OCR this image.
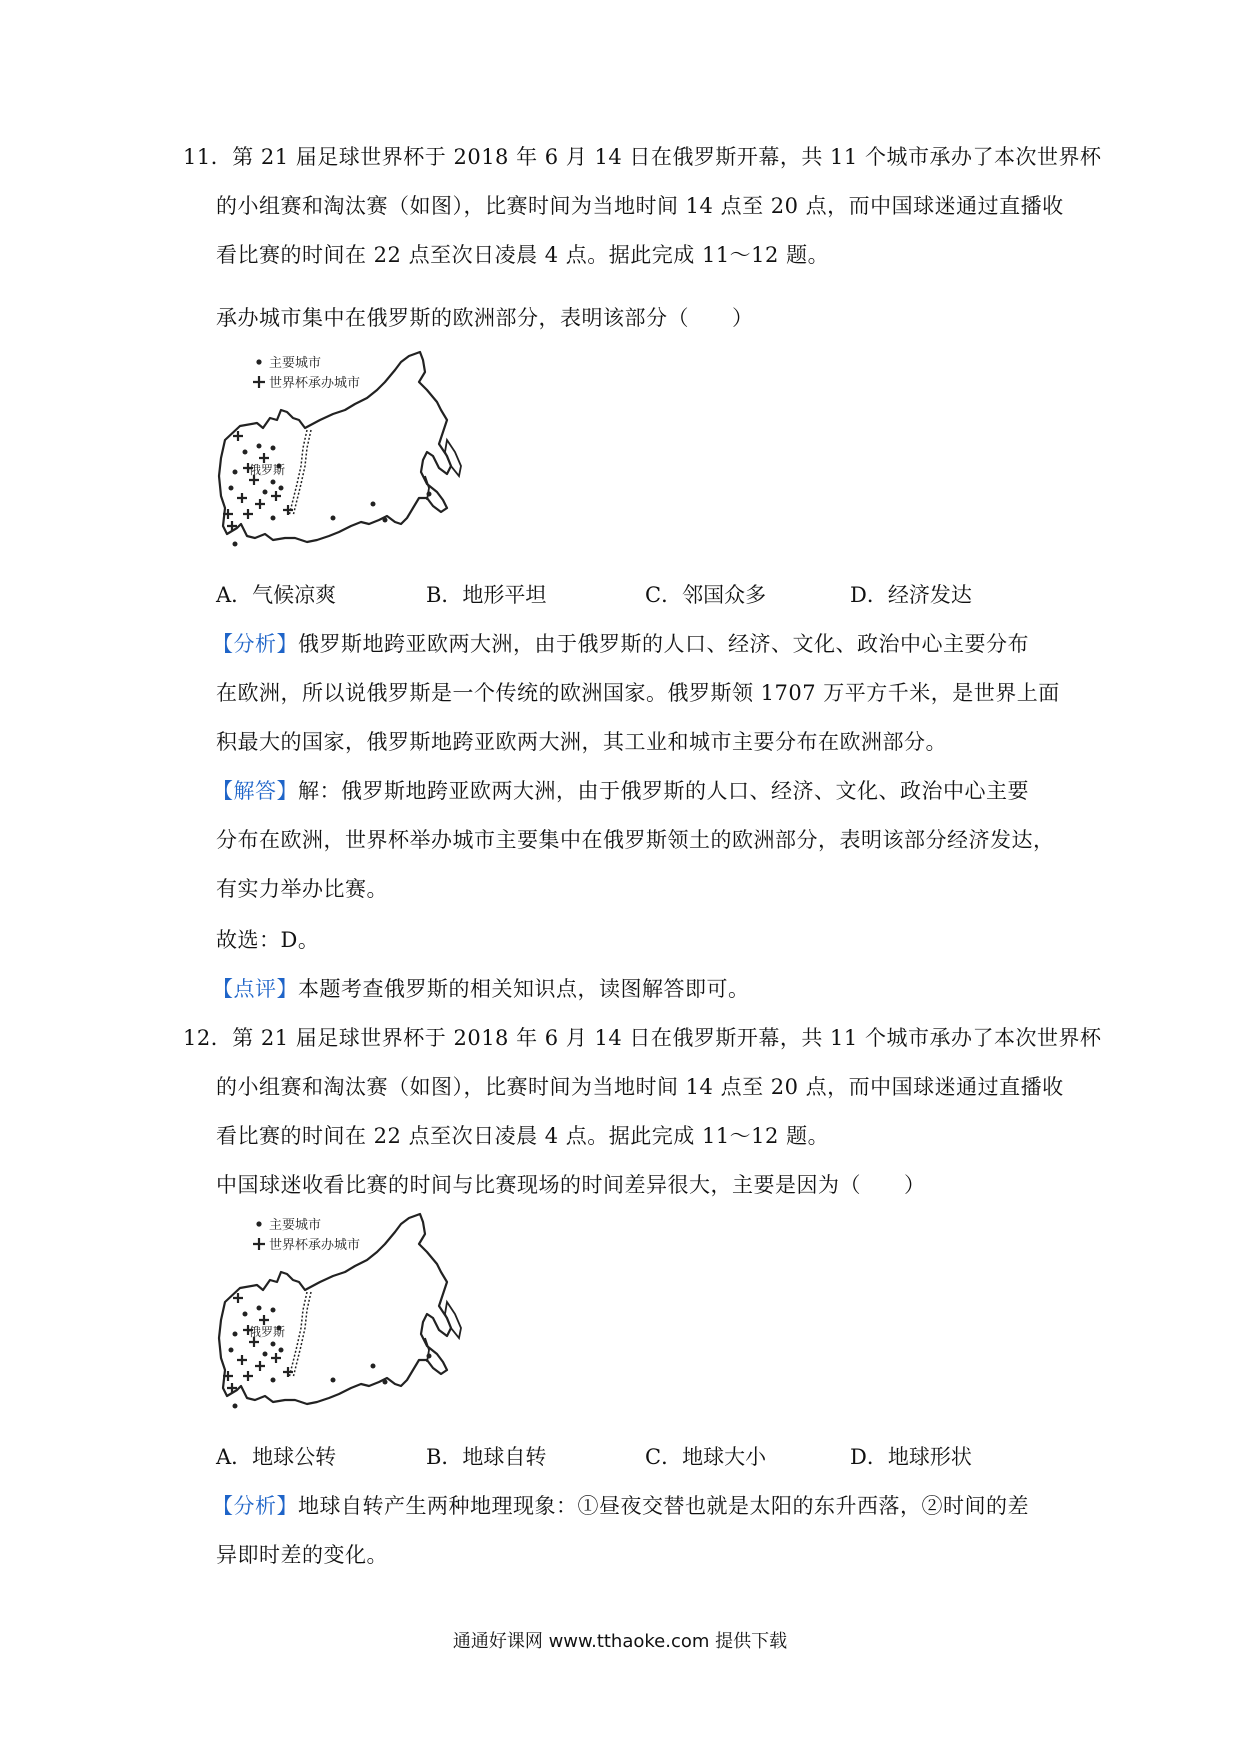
11．第 21 届足球世界杯于 2018 年 6 月 14 日在俄罗斯开幕，共 11 个城市承办了本次世界杯
的小组赛和淘汰赛（如图），比赛时间为当地时间 14 点至 20 点，而中国球迷通过直播收
看比赛的时间在 22 点至次日凌晨 4 点。据此完成 11～12 题。
承办城市集中在俄罗斯的欧洲部分，表明该部分（　　）
主要城市
世界杯承办城市
俄罗斯
A．气候凉爽	B．地形平坦	C．邻国众多	D．经济发达
【分析】俄罗斯地跨亚欧两大洲，由于俄罗斯的人口、经济、文化、政治中心主要分布
在欧洲，所以说俄罗斯是一个传统的欧洲国家。俄罗斯领 1707 万平方千米，是世界上面
积最大的国家，俄罗斯地跨亚欧两大洲，其工业和城市主要分布在欧洲部分。
【解答】解：俄罗斯地跨亚欧两大洲，由于俄罗斯的人口、经济、文化、政治中心主要
分布在欧洲，世界杯举办城市主要集中在俄罗斯领土的欧洲部分，表明该部分经济发达，
有实力举办比赛。
故选：D。
【点评】本题考查俄罗斯的相关知识点，读图解答即可。
12．第 21 届足球世界杯于 2018 年 6 月 14 日在俄罗斯开幕，共 11 个城市承办了本次世界杯
的小组赛和淘汰赛（如图），比赛时间为当地时间 14 点至 20 点，而中国球迷通过直播收
看比赛的时间在 22 点至次日凌晨 4 点。据此完成 11～12 题。
中国球迷收看比赛的时间与比赛现场的时间差异很大，主要是因为（　　）
主要城市
世界杯承办城市
俄罗斯
A．地球公转	B．地球自转	C．地球大小	D．地球形状
【分析】地球自转产生两种地理现象：①昼夜交替也就是太阳的东升西落，②时间的差
异即时差的变化。
通通好课网 www.tthaoke.com 提供下载
